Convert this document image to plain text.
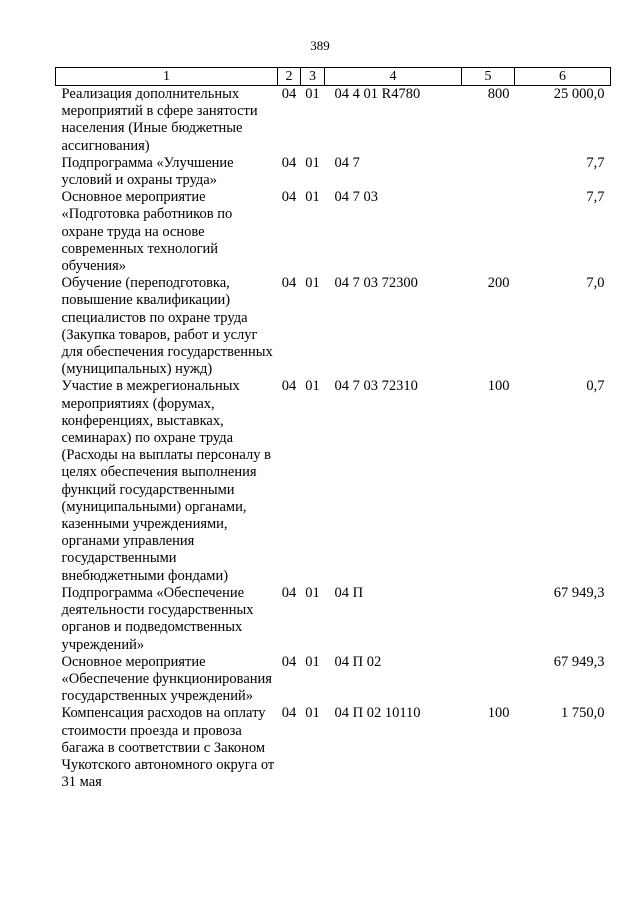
389
1	2	3	4	5	6
Реализация дополнительных мероприятий в сфере занятости населения (Иные бюджетные ассигнования)	04	01	04 4 01 R4780	800	25 000,0
Подпрограмма «Улучшение условий и охраны труда»	04	01	04 7		7,7
Основное мероприятие «Подготовка работников по охране труда на основе современных технологий обучения»	04	01	04 7 03		7,7
Обучение (переподготовка, повышение квалификации) специалистов по охране труда (Закупка товаров, работ и услуг для обеспечения государственных (муниципальных) нужд)	04	01	04 7 03 72300	200	7,0
Участие в межрегиональных мероприятиях (форумах, конференциях, выставках, семинарах) по охране труда (Расходы на выплаты персоналу в целях обеспечения выполнения функций государственными (муниципальными) органами, казенными учреждениями, органами управления государственными внебюджетными фондами)	04	01	04 7 03 72310	100	0,7
Подпрограмма «Обеспечение деятельности государственных органов и подведомственных учреждений»	04	01	04 П		67 949,3
Основное мероприятие «Обеспечение функционирования государственных учреждений»	04	01	04 П 02		67 949,3
Компенсация расходов на оплату стоимости проезда и провоза багажа в соответствии с Законом Чукотского автономного округа от 31 мая	04	01	04 П 02 10110	100	1 750,0
